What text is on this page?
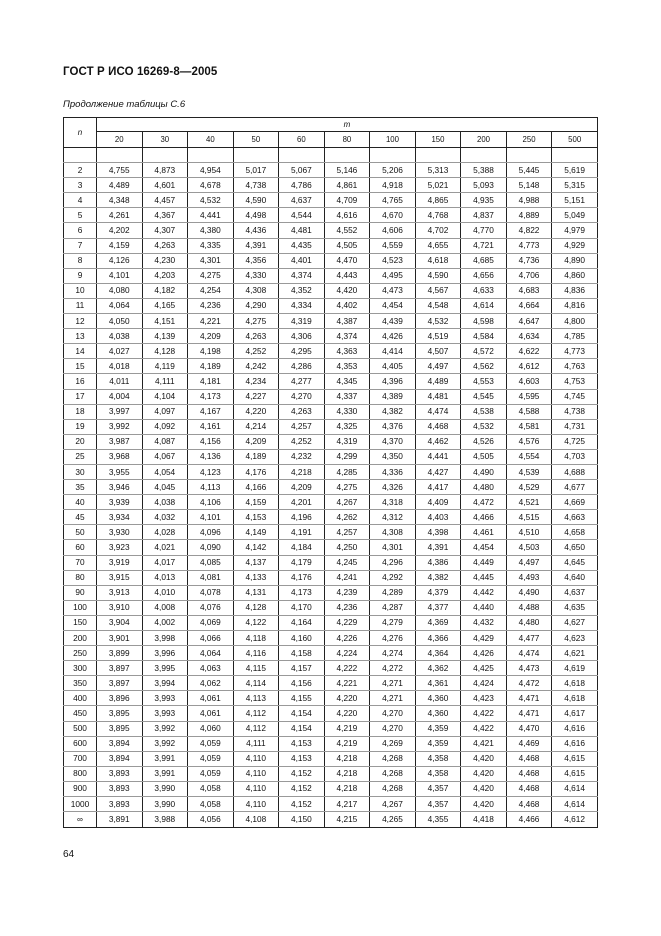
ГОСТ Р ИСО 16269-8—2005
Продолжение таблицы С.6
n	m										
	20	30	40	50	60	80	100	150	200	250	500

2	4,755	4,873	4,954	5,017	5,067	5,146	5,206	5,313	5,388	5,445	5,619
3	4,489	4,601	4,678	4,738	4,786	4,861	4,918	5,021	5,093	5,148	5,315
4	4,348	4,457	4,532	4,590	4,637	4,709	4,765	4,865	4,935	4,988	5,151
5	4,261	4,367	4,441	4,498	4,544	4,616	4,670	4,768	4,837	4,889	5,049
6	4,202	4,307	4,380	4,436	4,481	4,552	4,606	4,702	4,770	4,822	4,979
7	4,159	4,263	4,335	4,391	4,435	4,505	4,559	4,655	4,721	4,773	4,929
8	4,126	4,230	4,301	4,356	4,401	4,470	4,523	4,618	4,685	4,736	4,890
9	4,101	4,203	4,275	4,330	4,374	4,443	4,495	4,590	4,656	4,706	4,860
10	4,080	4,182	4,254	4,308	4,352	4,420	4,473	4,567	4,633	4,683	4,836
11	4,064	4,165	4,236	4,290	4,334	4,402	4,454	4,548	4,614	4,664	4,816
12	4,050	4,151	4,221	4,275	4,319	4,387	4,439	4,532	4,598	4,647	4,800
13	4,038	4,139	4,209	4,263	4,306	4,374	4,426	4,519	4,584	4,634	4,785
14	4,027	4,128	4,198	4,252	4,295	4,363	4,414	4,507	4,572	4,622	4,773
15	4,018	4,119	4,189	4,242	4,286	4,353	4,405	4,497	4,562	4,612	4,763
16	4,011	4,111	4,181	4,234	4,277	4,345	4,396	4,489	4,553	4,603	4,753
17	4,004	4,104	4,173	4,227	4,270	4,337	4,389	4,481	4,545	4,595	4,745
18	3,997	4,097	4,167	4,220	4,263	4,330	4,382	4,474	4,538	4,588	4,738
19	3,992	4,092	4,161	4,214	4,257	4,325	4,376	4,468	4,532	4,581	4,731
20	3,987	4,087	4,156	4,209	4,252	4,319	4,370	4,462	4,526	4,576	4,725
25	3,968	4,067	4,136	4,189	4,232	4,299	4,350	4,441	4,505	4,554	4,703
30	3,955	4,054	4,123	4,176	4,218	4,285	4,336	4,427	4,490	4,539	4,688
35	3,946	4,045	4,113	4,166	4,209	4,275	4,326	4,417	4,480	4,529	4,677
40	3,939	4,038	4,106	4,159	4,201	4,267	4,318	4,409	4,472	4,521	4,669
45	3,934	4,032	4,101	4,153	4,196	4,262	4,312	4,403	4,466	4,515	4,663
50	3,930	4,028	4,096	4,149	4,191	4,257	4,308	4,398	4,461	4,510	4,658
60	3,923	4,021	4,090	4,142	4,184	4,250	4,301	4,391	4,454	4,503	4,650
70	3,919	4,017	4,085	4,137	4,179	4,245	4,296	4,386	4,449	4,497	4,645
80	3,915	4,013	4,081	4,133	4,176	4,241	4,292	4,382	4,445	4,493	4,640
90	3,913	4,010	4,078	4,131	4,173	4,239	4,289	4,379	4,442	4,490	4,637
100	3,910	4,008	4,076	4,128	4,170	4,236	4,287	4,377	4,440	4,488	4,635
150	3,904	4,002	4,069	4,122	4,164	4,229	4,279	4,369	4,432	4,480	4,627
200	3,901	3,998	4,066	4,118	4,160	4,226	4,276	4,366	4,429	4,477	4,623
250	3,899	3,996	4,064	4,116	4,158	4,224	4,274	4,364	4,426	4,474	4,621
300	3,897	3,995	4,063	4,115	4,157	4,222	4,272	4,362	4,425	4,473	4,619
350	3,897	3,994	4,062	4,114	4,156	4,221	4,271	4,361	4,424	4,472	4,618
400	3,896	3,993	4,061	4,113	4,155	4,220	4,271	4,360	4,423	4,471	4,618
450	3,895	3,993	4,061	4,112	4,154	4,220	4,270	4,360	4,422	4,471	4,617
500	3,895	3,992	4,060	4,112	4,154	4,219	4,270	4,359	4,422	4,470	4,616
600	3,894	3,992	4,059	4,111	4,153	4,219	4,269	4,359	4,421	4,469	4,616
700	3,894	3,991	4,059	4,110	4,153	4,218	4,268	4,358	4,420	4,468	4,615
800	3,893	3,991	4,059	4,110	4,152	4,218	4,268	4,358	4,420	4,468	4,615
900	3,893	3,990	4,058	4,110	4,152	4,218	4,268	4,357	4,420	4,468	4,614
1000	3,893	3,990	4,058	4,110	4,152	4,217	4,267	4,357	4,420	4,468	4,614
∞	3,891	3,988	4,056	4,108	4,150	4,215	4,265	4,355	4,418	4,466	4,612
64
